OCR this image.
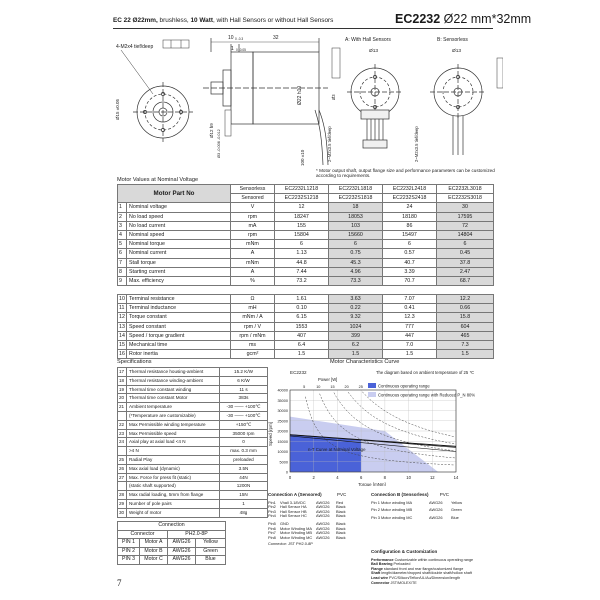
EC 22 Ø22mm, brushless, 10 Watt, with Hall Sensors or without Hall Sensors	EC2232 Ø22 mm*32mm
4-M2x4 tief/deep
Ø15 ±0.05
10 0 -0.3	32
1 0 -0.05
Ø22 h10
Ø12 h9 Ø3 -0.006 -0.012	100 ±10
A: With Hall Sensors
Ø13
Ø3
2~M2x3.5 tief/deep
B: Sensorless
Ø13
2~M2x3.5 tief/deep
* Motor output shaft, output flange size and performance parameters can be customized according to requirements.
Motor Values at Nominal Voltage
Motor Part No		Sensorless	EC2232L1218	EC2232L1818	EC2232L2418	EC2232L3018
		Sensored	EC2232S1218	EC2232S1818	EC2232S2418	EC2232S3018
1	Nominal voltage	V	12	18	24	30
2	No load speed	rpm	18247	18053	18180	17595
3	No load current	mA	155	103	86	72
4	Nominal speed	rpm	15804	15660	15497	14804
5	Nominal torque	mNm	6	6	6	6
6	Nominal current	A	1.13	0.75	0.57	0.45
7	Stall torque	mNm	44.8	45.3	40.7	37.8
8	Starting current	A	7.44	4.96	3.39	2.47
9	Max. efficiency	%	73.2	73.3	70.7	68.7
10	Terminal resistance	Ω	1.61	3.63	7.07	12.2
11	Terminal inductance	mH	0.10	0.22	0.41	0.66
12	Torque constant	mNm / A	6.15	9.32	12.3	15.8
13	Speed constant	rpm / V	1553	1024	777	604
14	Speed / torque gradient	rpm / mNm	407	399	447	465
15	Mechanical time	ms	6.4	6.2	7.0	7.3
16	Rotor inertia	gcm²	1.5	1.5	1.5	1.5
Specifications
17	Thermal resistance housing-ambient	15.2 K/W
18	Thermal resistance winding-ambient	6 K/W
19	Thermal time constant winding	11 s
20	Thermal time constant Motor	383s
21	Ambient temperature	-30 —— +100℃
	(*Temperature are customizable)	-30 —— +100℃
22	Max Permissible winding temperature	+150℃
23	Max Permissible speed	35000 rpm
24	Axial play at axial load <4 N	0
	>4 N	max. 0.3 mm
25	Radial Play	preloaded
26	Max axial load (dynamic)	3.5N
27	Max. Force for press fit (static)	44N
	(static shaft supported)	1200N
28	Max radial loading, 5mm from flange	15N
29	Number of pole pairs	1
30	Weight of motor	48g
Motor Characteristics Curve
0	2	4	6	8	10	12	14
0
5000
10000
15000
20000
25000
30000
35000
40000
5	10	15	20	25
EC2232
Power [W]
The diagram based on ambient temperature of 25 ℃
Torque [mNm]
Speed [rpm]
n-T Curve at Nominal Voltage
Continuous operating range
Continuous operating range with Reduced P_N 80%
Connection			
Connector		PH2.0-8P	
PIN 1	Motor A	AWG26	Yellow
PIN 2	Motor B	AWG26	Green
PIN 3	Motor C	AWG26	Blue
Connection A (Sensored)	PVC
Pin1	Vhall 3-18VDC	AWG26	Red
Pin2	Hall Sensor HA	AWG26	Black
Pin3	Hall Sensor HB	AWG26	Black
Pin4	Hall Sensor HC	AWG26	Black
Pin5	GND	AWG26	Black
Pin6	Motor Winding MA	AWG26	Black
Pin7	Motor Winding MB	AWG26	Black
Pin8	Motor Winding MC AWG26	Black
Connector: JST PH2.0-8P
Connection B (Sensorless)	PVC
Pin 1 Motor winding MA	AWG26	Yellow
Pin 2 Motor winding MB	AWG26	Green
Pin 3 Motor winding MC	AWG26	Blue
Configuration & Customization
Performance Customizable within continuous operating range
Ball Bearing Preloaded
Flange standard front and rear flange/customized flange
Shaft length/diameter/dropped shaft/double shaft/hollow shaft
Lead wire PVC/Silicon/Teflon/UL/Au/Dimension/length
Connector JST/MOLEX/TE
7
